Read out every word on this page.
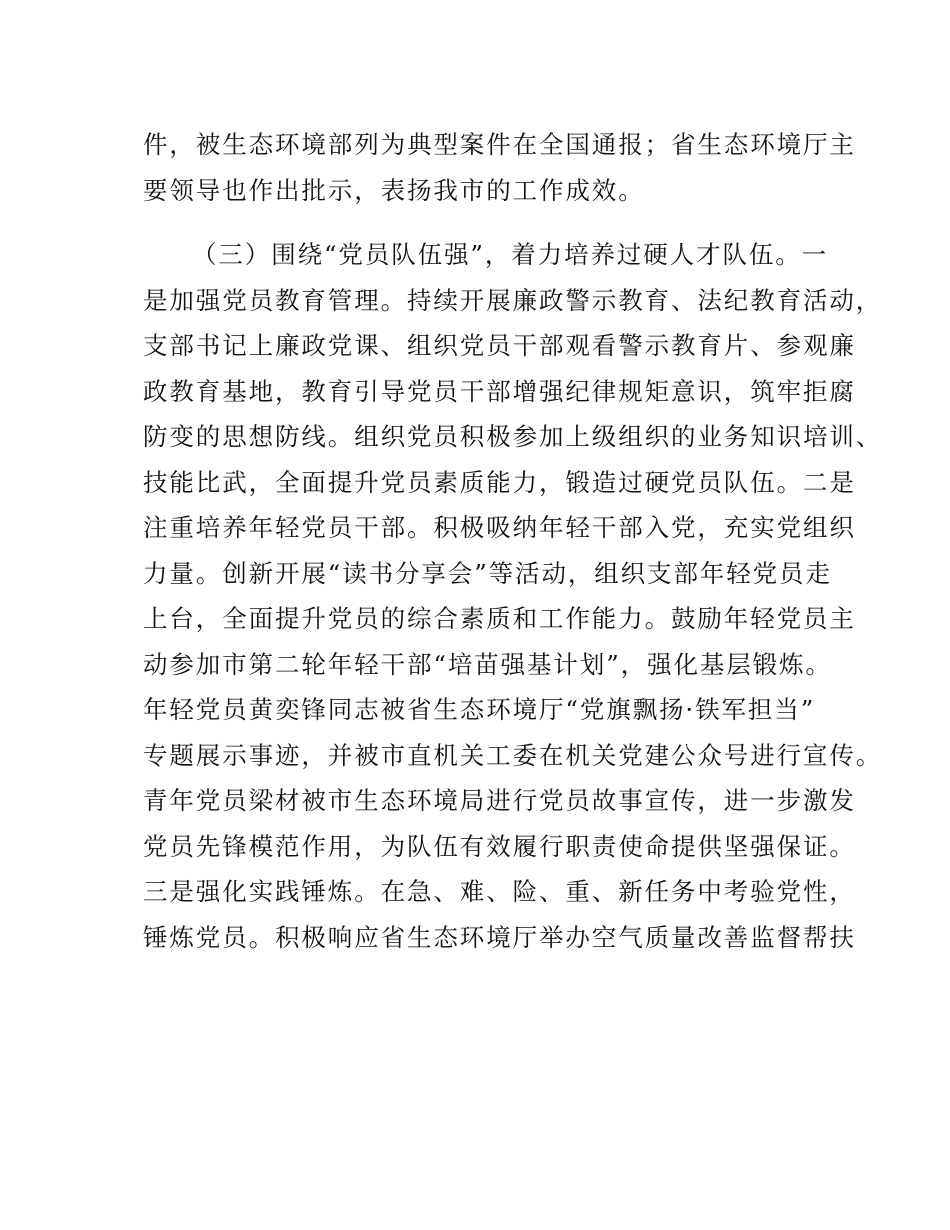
件，被生态环境部列为典型案件在全国通报；省生态环境厅主
要领导也作出批示，表扬我市的工作成效。
（三）围绕“党员队伍强”，着力培养过硬人才队伍。一
是加强党员教育管理。持续开展廉政警示教育、法纪教育活动，
支部书记上廉政党课、组织党员干部观看警示教育片、参观廉
政教育基地，教育引导党员干部增强纪律规矩意识，筑牢拒腐
防变的思想防线。组织党员积极参加上级组织的业务知识培训、
技能比武，全面提升党员素质能力，锻造过硬党员队伍。二是
注重培养年轻党员干部。积极吸纳年轻干部入党，充实党组织
力量。创新开展“读书分享会”等活动，组织支部年轻党员走
上台，全面提升党员的综合素质和工作能力。鼓励年轻党员主
动参加市第二轮年轻干部“培苗强基计划”，强化基层锻炼。
年轻党员黄奕锋同志被省生态环境厅“党旗飘扬·铁军担当”
专题展示事迹，并被市直机关工委在机关党建公众号进行宣传。
青年党员梁材被市生态环境局进行党员故事宣传，进一步激发
党员先锋模范作用，为队伍有效履行职责使命提供坚强保证。
三是强化实践锤炼。在急、难、险、重、新任务中考验党性，
锤炼党员。积极响应省生态环境厅举办空气质量改善监督帮扶
